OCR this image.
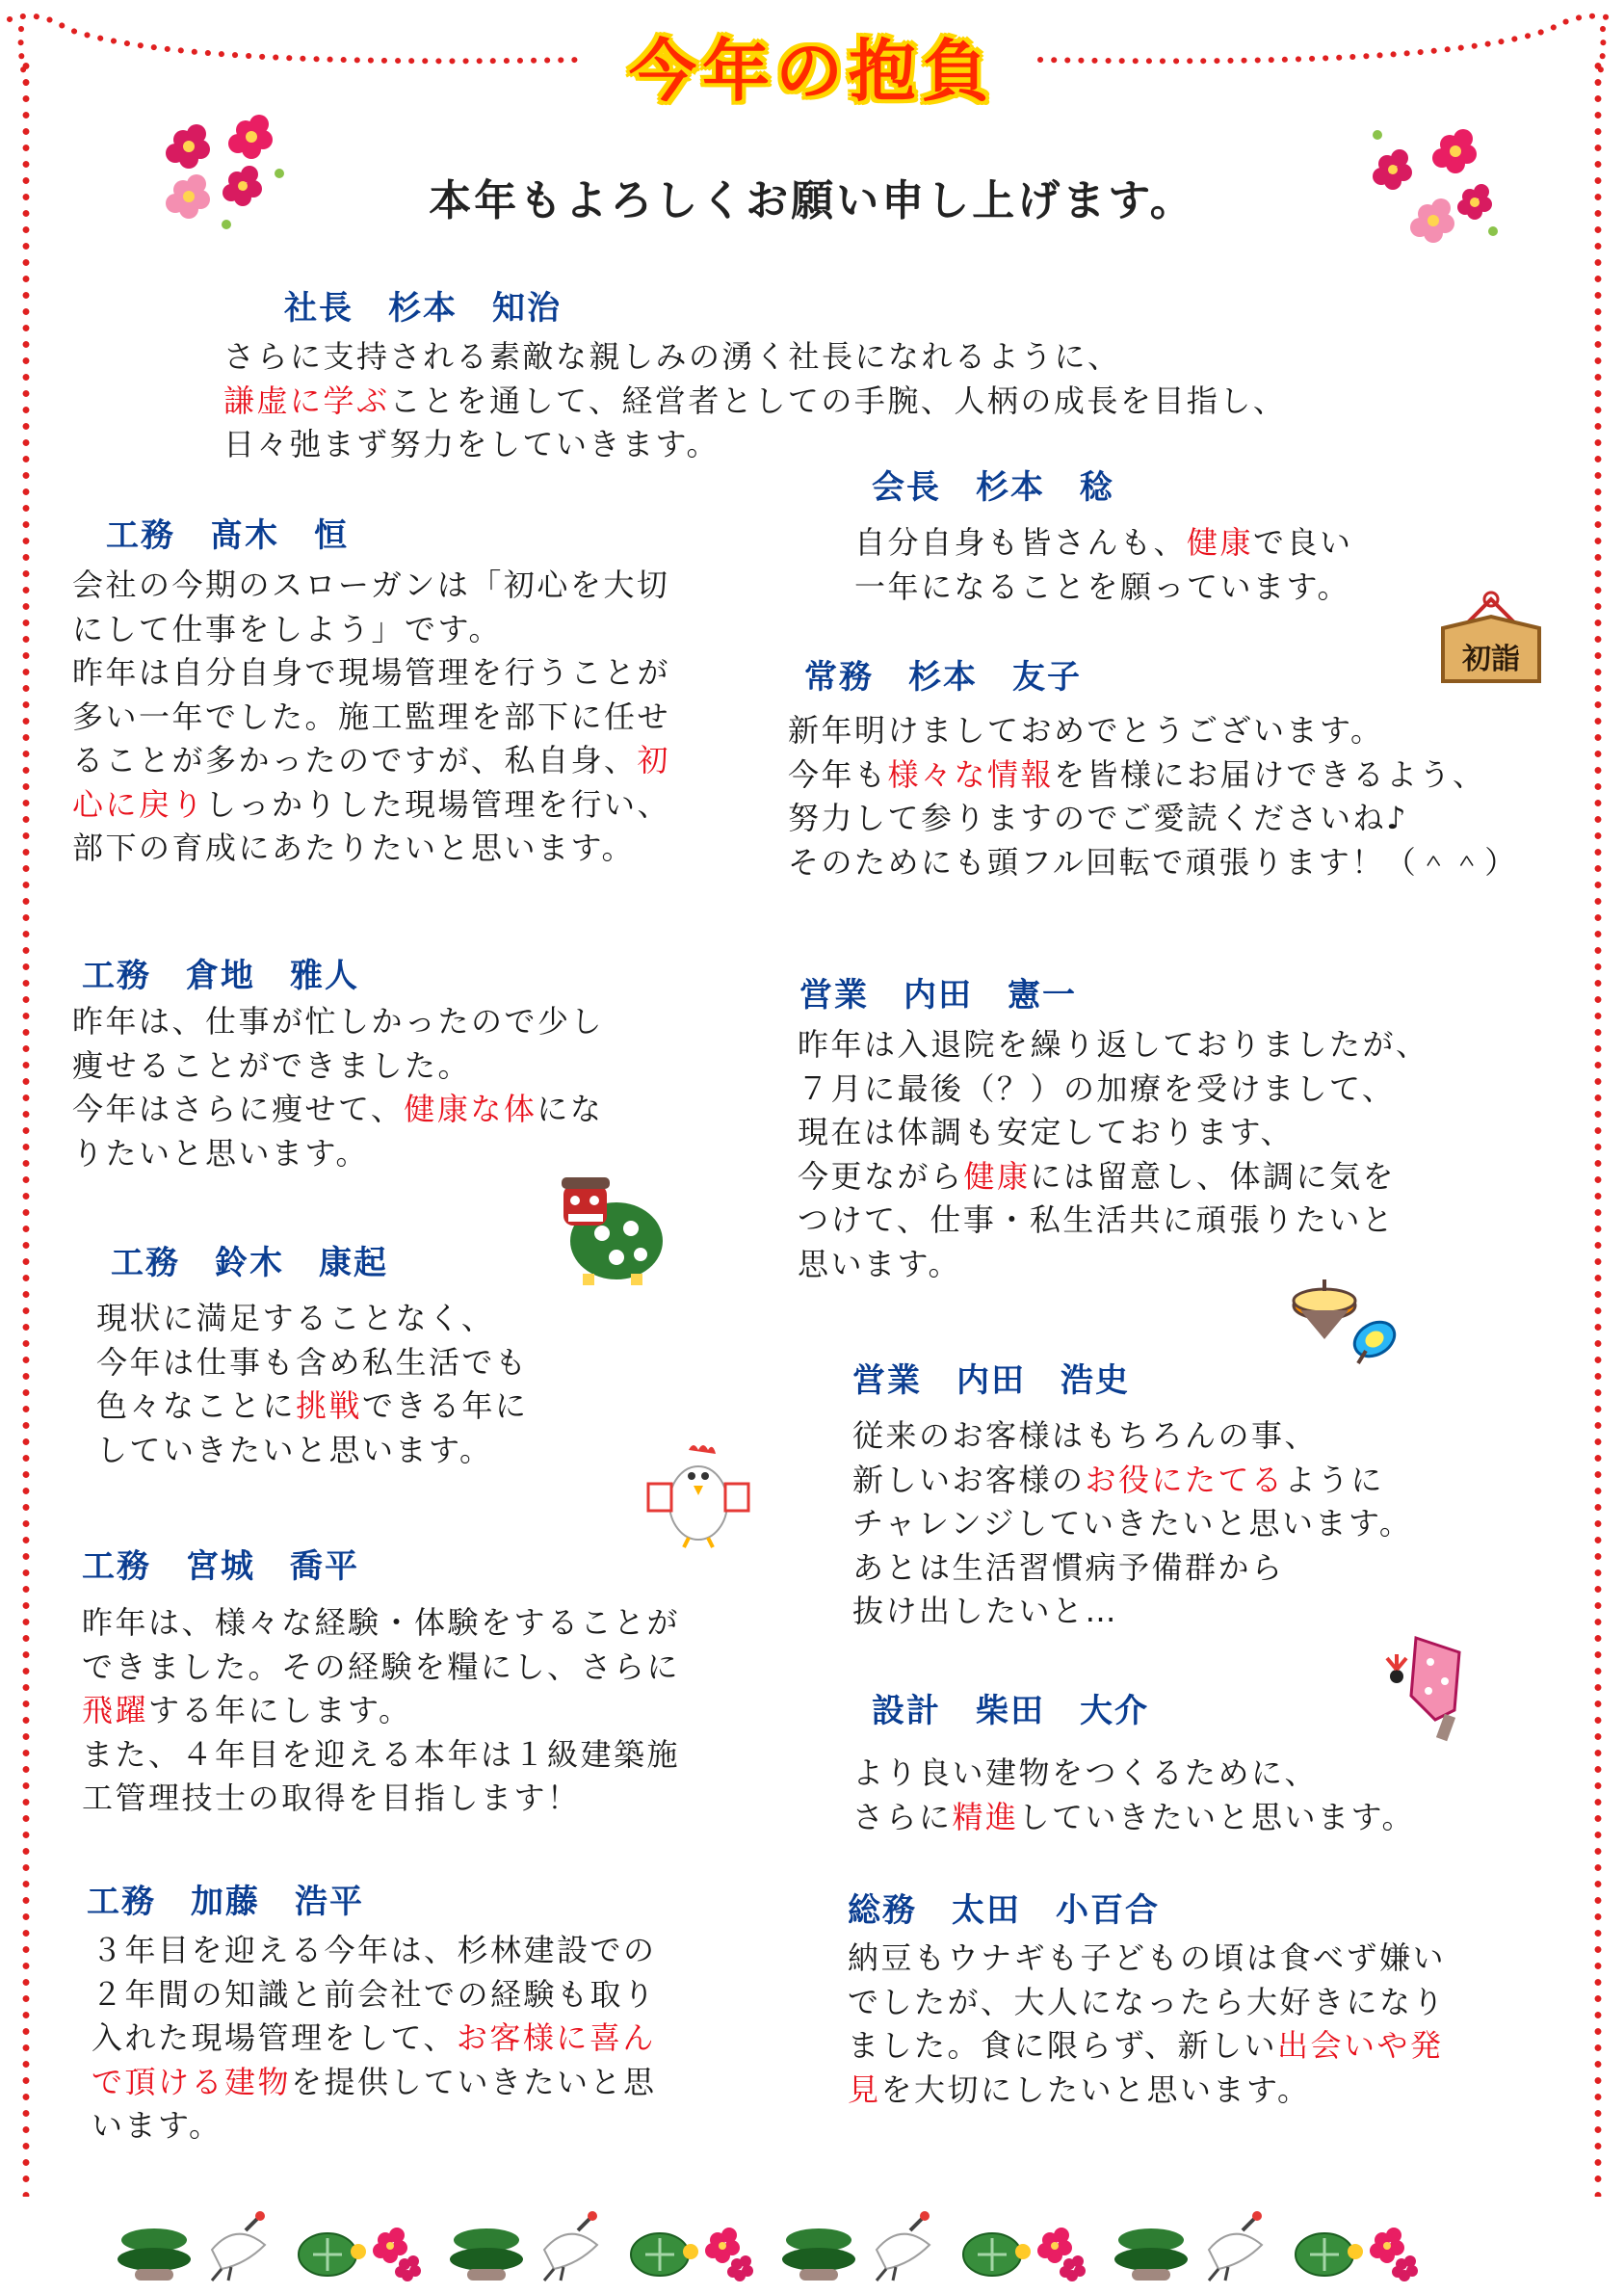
今年の抱負
本年もよろしくお願い申し上げます。
初詣
社長　杉本　知治
さらに支持される素敵な親しみの湧く社長になれるように、
謙虚に学ぶことを通して、経営者としての手腕、人柄の成長を目指し、
日々弛まず努力をしていきます。
会長　杉本　稔
自分自身も皆さんも、健康で良い
一年になることを願っています。
工務　髙木　恒
会社の今期のスローガンは「初心を大切
にして仕事をしよう」です。
昨年は自分自身で現場管理を行うことが
多い一年でした。施工監理を部下に任せ
ることが多かったのですが、私自身、初
心に戻りしっかりした現場管理を行い、
部下の育成にあたりたいと思います。
常務　杉本　友子
新年明けましておめでとうございます。
今年も様々な情報を皆様にお届けできるよう、
努力して参りますのでご愛読くださいね♪
そのためにも頭フル回転で頑張ります！（＾＾）
工務　倉地　雅人
昨年は、仕事が忙しかったので少し
痩せることができました。
今年はさらに痩せて、健康な体にな
りたいと思います。
営業　内田　憲一
昨年は入退院を繰り返しておりましたが、
７月に最後（？）の加療を受けまして、
現在は体調も安定しております、
今更ながら健康には留意し、体調に気を
つけて、仕事・私生活共に頑張りたいと
思います。
工務　鈴木　康起
現状に満足することなく、
今年は仕事も含め私生活でも
色々なことに挑戦できる年に
していきたいと思います。
営業　内田　浩史
従来のお客様はもちろんの事、
新しいお客様のお役にたてるように
チャレンジしていきたいと思います。
あとは生活習慣病予備群から
抜け出したいと…
工務　宮城　喬平
昨年は、様々な経験・体験をすることが
できました。その経験を糧にし、さらに
飛躍する年にします。
また、４年目を迎える本年は１級建築施
工管理技士の取得を目指します！
設計　柴田　大介
より良い建物をつくるために、
さらに精進していきたいと思います。
工務　加藤　浩平
３年目を迎える今年は、杉林建設での
２年間の知識と前会社での経験も取り
入れた現場管理をして、お客様に喜ん
で頂ける建物を提供していきたいと思
います。
総務　太田　小百合
納豆もウナギも子どもの頃は食べず嫌い
でしたが、大人になったら大好きになり
ました。食に限らず、新しい出会いや発
見を大切にしたいと思います。
